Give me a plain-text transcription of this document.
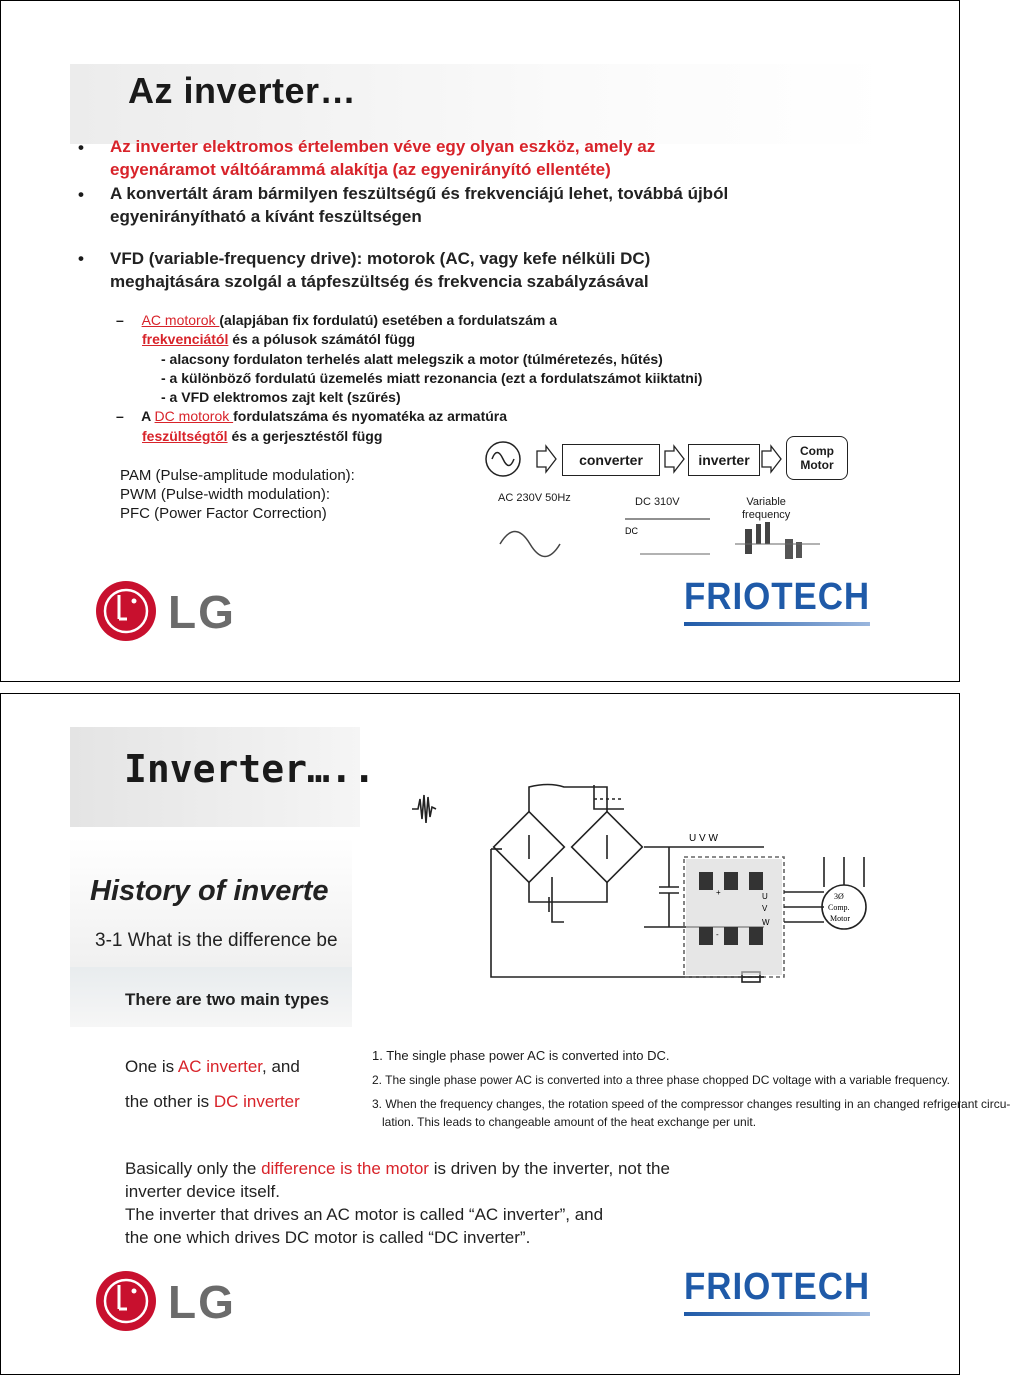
Az inverter…
• Az inverter elektromos értelemben véve egy olyan eszköz, amely az
egyenáramot váltóárammá alakítja (az egyenirányító ellentéte)
• A konvertált áram bármilyen feszültségű és frekvenciájú lehet, továbbá újból
egyenirányítható a kívánt feszültségen
• VFD (variable-frequency drive): motorok (AC, vagy kefe nélküli DC)
meghajtására szolgál a tápfeszültség és frekvencia szabályzásával
– AC motorok (alapjában fix fordulatú) esetében a fordulatszám a
frekvenciától és a pólusok számától függ
- alacsony fordulaton terhelés alatt melegszik a motor (túlméretezés, hűtés)
- a különböző fordulatú üzemelés miatt rezonancia (ezt a fordulatszámot kiiktatni)
- a VFD elektromos zajt kelt (szűrés)
– A DC motorok fordulatszáma és nyomatéka az armatúra
feszültségtől és a gerjesztéstől függ
PAM (Pulse-amplitude modulation):
PWM (Pulse-width modulation):
PFC (Power Factor Correction)
DC
converter	inverter
Comp
Motor
AC 230V 50Hz	DC 310V	Variable
frequency
LG	FRIOTECH
Inverter…..
History of inverte
3-1 What is the difference be
There are two main types
One is AC inverter, and
the other is DC inverter
U V W
+
-
U
V
W
3Ø
Comp.
Motor
1. The single phase power AC is converted into DC.
2. The single phase power AC is converted into a three phase chopped DC voltage with a variable frequency.
3. When the frequency changes, the rotation speed of the compressor changes resulting in an changed refrigerant circu-
lation. This leads to changeable amount of the heat exchange per unit.
Basically only the difference is the motor is driven by the inverter, not the
inverter device itself.
The inverter that drives an AC motor is called “AC inverter”, and
the one which drives DC motor is called “DC inverter”.
LG	FRIOTECH
